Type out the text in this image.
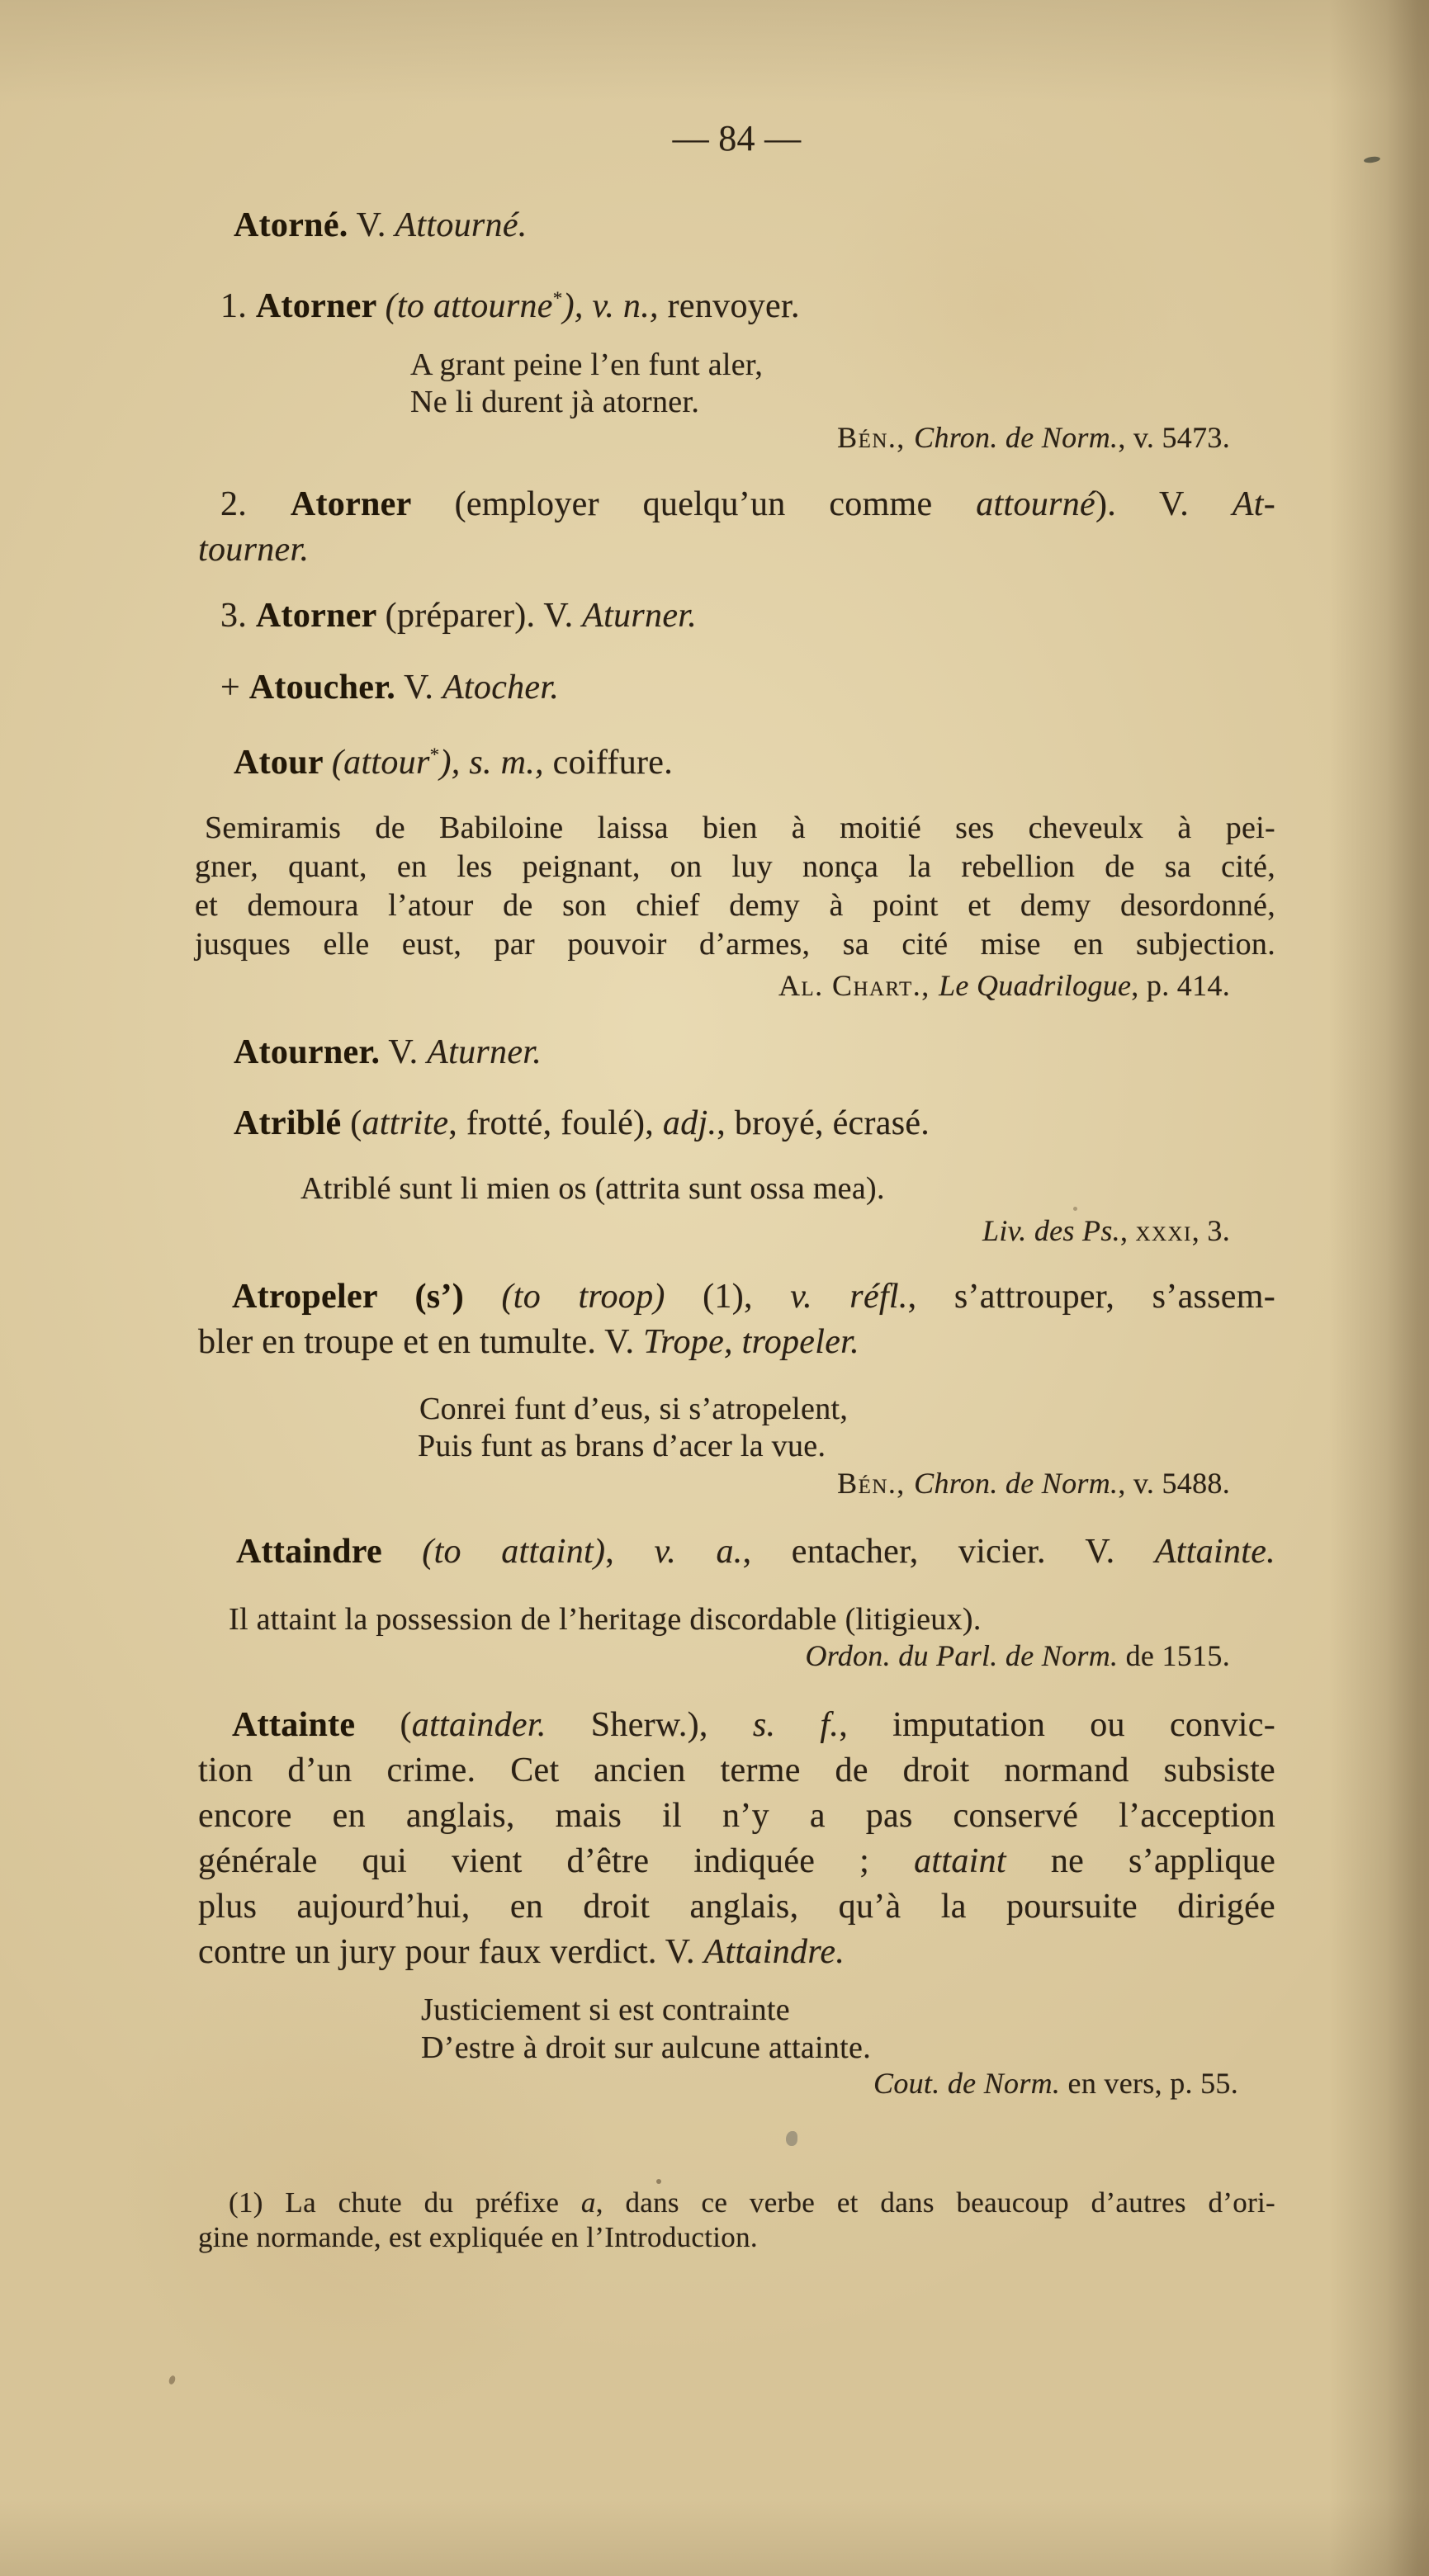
— 84 —
Atorné. V. Attourné.
1. Atorner (to attourne*), v. n., renvoyer.
A grant peine l’en funt aler,
Ne li durent jà atorner.
Bén., Chron. de Norm., v. 5473.
2. Atorner (employer quelqu’un comme attourné). V. At-
tourner.
3. Atorner (préparer). V. Aturner.
+ Atoucher. V. Atocher.
Atour (attour*), s. m., coiffure.
Semiramis de Babiloine laissa bien à moitié ses cheveulx à pei-
gner, quant, en les peignant, on luy nonça la rebellion de sa cité,
et demoura l’atour de son chief demy à point et demy desordonné,
jusques elle eust, par pouvoir d’armes, sa cité mise en subjection.
Al. Chart., Le Quadrilogue, p. 414.
Atourner. V. Aturner.
Atriblé (attrite, frotté, foulé), adj., broyé, écrasé.
Atriblé sunt li mien os (attrita sunt ossa mea).
Liv. des Ps., xxxi, 3.
Atropeler (s’) (to troop) (1), v. réfl., s’attrouper, s’assem-
bler en troupe et en tumulte. V. Trope, tropeler.
Conrei funt d’eus, si s’atropelent,
Puis funt as brans d’acer la vue.
Bén., Chron. de Norm., v. 5488.
Attaindre (to attaint), v. a., entacher, vicier. V. Attainte.
Il attaint la possession de l’heritage discordable (litigieux).
Ordon. du Parl. de Norm. de 1515.
Attainte (attainder. Sherw.), s. f., imputation ou convic-
tion d’un crime. Cet ancien terme de droit normand subsiste
encore en anglais, mais il n’y a pas conservé l’acception
générale qui vient d’être indiquée ; attaint ne s’applique
plus aujourd’hui, en droit anglais, qu’à la poursuite dirigée
contre un jury pour faux verdict. V. Attaindre.
Justiciement si est contrainte
D’estre à droit sur aulcune attainte.
Cout. de Norm. en vers, p. 55.
(1) La chute du préfixe a, dans ce verbe et dans beaucoup d’autres d’ori-
gine normande, est expliquée en l’Introduction.
